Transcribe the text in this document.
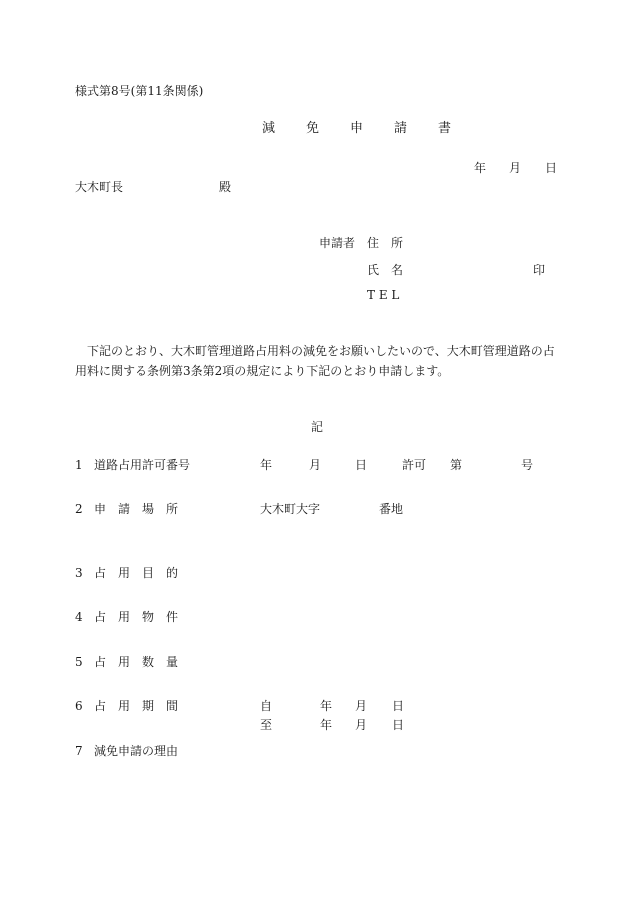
様式第8号(第11条関係)
減　免　申　請　書
年 月 日
大木町長	殿
申請者 住　所
氏　名	印
T E L
下記のとおり、大木町管理道路占用料の減免をお願いしたいので、大木町管理道路の占
用料に関する条例第3条第2項の規定により下記のとおり申請します。
記
1 道路占用許可番号	年	月	日	許可 第	号
2 申　請　場　所	大木町大字	番地
3 占　用　目　的
4 占　用　物　件
5 占　用　数　量
6 占　用　期　間	自	年 月 日
至	年 月 日
7 減免申請の理由
